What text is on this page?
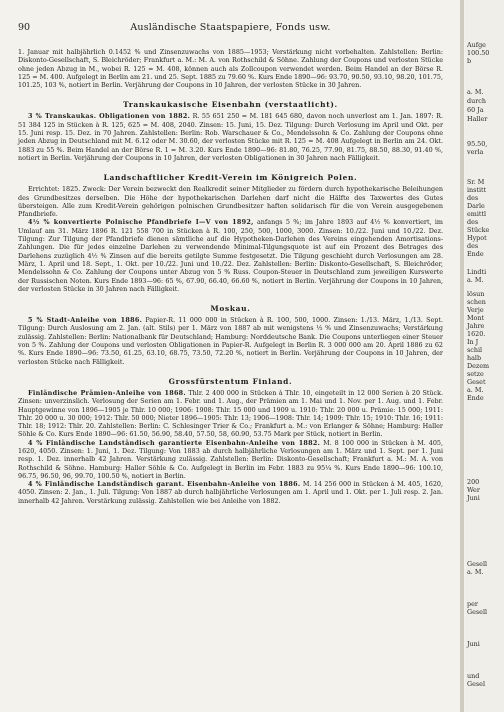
90	Ausländische Staatspapiere, Fonds usw.

1. Januar mit halbjährlich 0.1452 % und Zinsenzuwachs von 1885—1953; Verstärkung nicht vorbehalten. Zahlstellen: Berlin: Diskonto-Gesellschaft, S. Bleichröder; Frankfurt a. M.: M. A. von Rothschild & Söhne. Zahlung der Coupons und verlosten Stücke ohne jeden Abzug in M., wobei R. 125 = M. 408, können auch als Zollcoupon verwendet werden. Beim Handel an der Börse R. 125 = M. 400. Aufgelegt in Berlin am 21. und 25. Sept. 1885 zu 79.60 %. Kurs Ende 1890—96: 93.70, 90.50, 93.10, 98.20, 101.75, 101.25, 103 %, notiert in Berlin. Verjährung der Coupons in 10 Jahren, der verlosten Stücke in 30 Jahren.

Transkaukasische Eisenbahn (verstaatlicht).

3 % Transkaukas. Obligationen von 1882. R. 55 651 250 = M. 181 645 680, davon noch unverlost am 1. Jan. 1897: R. 51 384 125 in Stücken à R. 125, 625 = M. 408, 2040. Zinsen: 15. Juni, 15. Dez. Tilgung: Durch Verlosung im April und Okt. per 15. Juni resp. 15. Dez. in 70 Jahren. Zahlstellen: Berlin: Rob. Warschauer & Co., Mendelssohn & Co. Zahlung der Coupons ohne jeden Abzug in Deutschland mit M. 6.12 oder M. 30.60, der verlosten Stücke mit R. 125 = M. 408 Aufgelegt in Berlin am 24. Okt. 1883 zu 55 %. Beim Handel an der Börse R. 1 = M. 3.20. Kurs Ende 1890—96: 81.80, 76.25, 77.90, 81.75, 88.50, 88.30, 91.40 %, notiert in Berlin. Verjährung der Coupons in 10 Jahren, der verlosten Obligationen in 30 Jahren nach Fälligkeit.

Landschaftlicher Kredit-Verein im Königreich Polen.

Errichtet: 1825. Zweck: Der Verein bezweckt den Realkredit seiner Mitglieder zu fördern durch hypothekarische Beleihungen des Grundbesitzes derselben. Die Höhe der hypothekarischen Darlehen darf nicht die Hälfte des Taxwertes des Gutes übersteigen. Alle zum Kredit-Verein gehörigen polnischen Grundbesitzer haften solidarisch für die von Verein ausgegebenen Pfandbriefe.

4½ % konvertierte Polnische Pfandbriefe I—V von 1892, anfangs 5 %; im Jahre 1893 auf 4½ % konvertiert, im Umlauf am 31. März 1896 R. 121 558 700 in Stücken à R. 100, 250, 500, 1000, 3000. Zinsen: 10./22. Juni und 10./22. Dez. Tilgung: Zur Tilgung der Pfandbriefe dienen sämtliche auf die Hypotheken-Darlehen des Vereins eingehenden Amortisations-Zahlungen. Die für jedes einzelne Darlehen zu verwendende Minimal-Tilgungsquote ist auf ein Prozent des Betrages des Darlehens zuzüglich 4½ % Zinsen auf die bereits getilgte Summe festgesetzt. Die Tilgung geschieht durch Verlosungen am 28. März, 1. April und 18. Sept., 1. Okt. per 10./22. Juni und 10./22. Dez. Zahlstellen: Berlin: Diskonto-Gesellschaft, S. Bleichröder, Mendelssohn & Co. Zahlung der Coupons unter Abzug von 5 % Russ. Coupon-Steuer in Deutschland zum jeweiligen Kurswerte der Russischen Noten. Kurs Ende 1893—96: 65 %, 67.90, 66.40, 66.60 %, notiert in Berlin. Verjährung der Coupons in 10 Jahren, der verlosten Stücke in 30 Jahren nach Fälligkeit.

Moskau.

5 % Stadt-Anleihe von 1886. Papier-R. 11 000 000 in Stücken à R. 100, 500, 1000. Zinsen: 1./13. März, 1./13. Sept. Tilgung: Durch Auslosung am 2. Jan. (alt. Stils) per 1. März von 1887 ab mit wenigstens ⅓ % und Zinsenzuwachs; Verstärkung zulässig. Zahlstellen: Berlin: Nationalbank für Deutschland; Hamburg: Norddeutsche Bank. Die Coupons unterliegen einer Steuer von 5 %. Zahlung der Coupons und verlosten Obligationen in Papier-R. Aufgelegt in Berlin R. 3 000 000 am 20. April 1886 zu 62 %. Kurs Ende 1890—96: 73.50, 61.25, 63.10, 68.75, 73.50, 72.20 %, notiert in Berlin. Verjährung der Coupons in 10 Jahren, der verlosten Stücke nach Fälligkeit.

Grossfürstentum Finland.

Finländische Prämien-Anleihe von 1868. Thlr. 2 400 000 in Stücken à Thlr. 10, eingeteilt in 12 000 Serien à 20 Stück. Zinsen: unverzinslich. Verlosung der Serien am 1. Febr. und 1. Aug., der Prämien am 1. Mai und 1. Nov. per 1. Aug. und 1. Febr. Hauptgewinne von 1896—1905 je Thlr. 10 000; 1906: 1908: Thlr. 15 000 und 1909 u. 1910: Thlr. 20 000 u. Prämie: 15 000; 1911: Thlr. 20 000 u. 30 000; 1912: Thlr. 50 000; Nieter 1896—1905: Thlr. 13; 1906—1908: Thlr. 14; 1909: Thlr. 15; 1910: Thlr. 16; 1911: Thlr. 18; 1912: Thlr. 20. Zahlstellen: Berlin: C. Schlesinger Trier & Co.; Frankfurt a. M.: von Erlanger & Söhne; Hamburg: Haller Söhle & Co. Kurs Ende 1890—96: 61.50, 56.90, 58.40, 57.50, 58, 60.90, 53.75 Mark per Stück, notiert in Berlin.

4 % Finländische Landständisch garantierte Eisenbahn-Anleihe von 1882. M. 8 100 000 in Stücken à M. 405, 1620, 4050. Zinsen: 1. Juni, 1. Dez. Tilgung: Von 1883 ab durch halbjährliche Verlosungen am 1. März und 1. Sept. per 1. Juni resp. 1. Dez. innerhalb 42 Jahren. Verstärkung zulässig. Zahlstellen: Berlin: Diskonto-Gesellschaft; Frankfurt a. M.: M. A. von Rothschild & Söhne. Hamburg: Haller Söhle & Co. Aufgelegt in Berlin im Febr. 1883 zu 95¼ %. Kurs Ende 1890—96: 100.10, 96.75, 96.50, 96, 99.70, 100.50 %, notiert in Berlin.

4 % Finländische Landständisch garant. Eisenbahn-Anleihe von 1886. M. 14 256 000 in Stücken à M. 405, 1620, 4050. Zinsen: 2. Jan., 1. Juli. Tilgung: Von 1887 ab durch halbjährliche Verlosungen am 1. April und 1. Okt. per 1. Juli resp. 2. Jan. innerhalb 42 Jahren. Verstärkung zulässig. Zahlstellen wie bei Anleihe von 1882.

Aufge
100.50
b
a. M.
durch
60 Ja
Haller
95.50,
verla
Sr. M
institt
des
Darle
emittl
des
Stücke
Hypot
des
Ende
Lindti
a. M.
lösun
schen
Verje
Mont
Jahre
1620.
In J
schil
halb
Dezem
setze
Geset
a. M.
Ende
200
Wer
Juni
Gesell
a. M.
per
Gesell
Juni
und
Gesel
